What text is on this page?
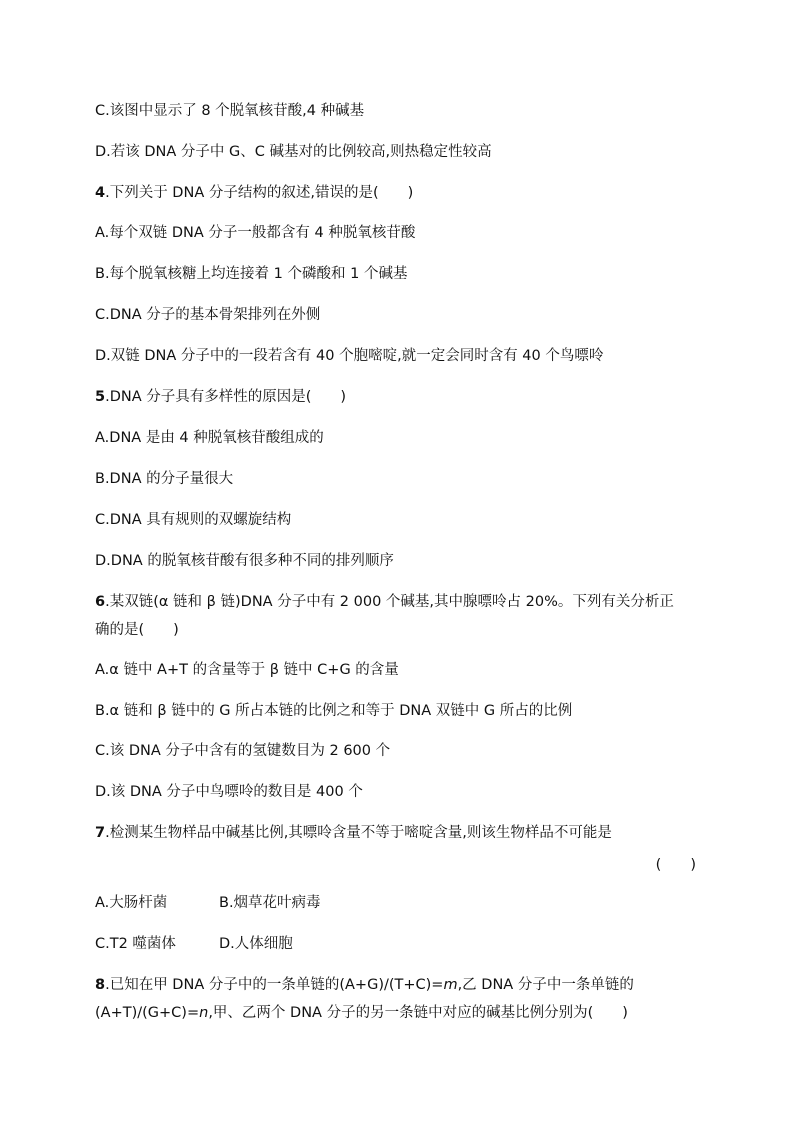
C.该图中显示了 8 个脱氧核苷酸,4 种碱基
D.若该 DNA 分子中 G、C 碱基对的比例较高,则热稳定性较高
4.下列关于 DNA 分子结构的叙述,错误的是(　　)
A.每个双链 DNA 分子一般都含有 4 种脱氧核苷酸
B.每个脱氧核糖上均连接着 1 个磷酸和 1 个碱基
C.DNA 分子的基本骨架排列在外侧
D.双链 DNA 分子中的一段若含有 40 个胞嘧啶,就一定会同时含有 40 个鸟嘌呤
5.DNA 分子具有多样性的原因是(　　)
A.DNA 是由 4 种脱氧核苷酸组成的
B.DNA 的分子量很大
C.DNA 具有规则的双螺旋结构
D.DNA 的脱氧核苷酸有很多种不同的排列顺序
6.某双链(α 链和 β 链)DNA 分子中有 2 000 个碱基,其中腺嘌呤占 20%。下列有关分析正
确的是(　　)
A.α 链中 A+T 的含量等于 β 链中 C+G 的含量
B.α 链和 β 链中的 G 所占本链的比例之和等于 DNA 双链中 G 所占的比例
C.该 DNA 分子中含有的氢键数目为 2 600 个
D.该 DNA 分子中鸟嘌呤的数目是 400 个
7.检测某生物样品中碱基比例,其嘌呤含量不等于嘧啶含量,则该生物样品不可能是
(　　)
A.大肠杆菌	B.烟草花叶病毒
C.T2 噬菌体	D.人体细胞
8.已知在甲 DNA 分子中的一条单链的(A+G)/(T+C)=m,乙 DNA 分子中一条单链的
(A+T)/(G+C)=n,甲、乙两个 DNA 分子的另一条链中对应的碱基比例分别为(　　)
